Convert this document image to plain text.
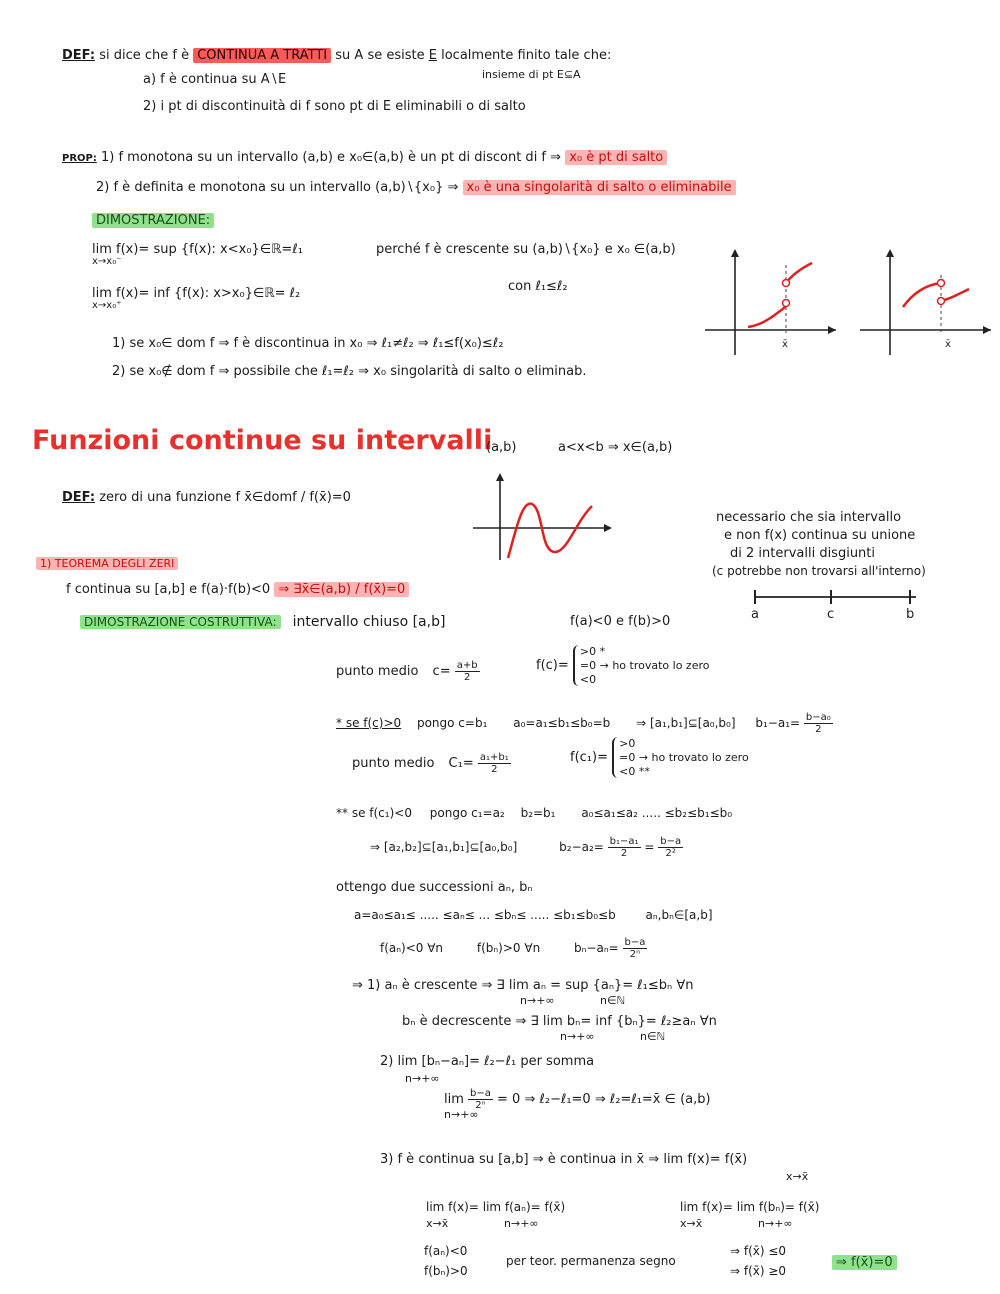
DEF: si dice che f è CONTINUA A TRATTI su A se esiste E localmente finito tale che:
insieme di pt E⊆A
a) f è continua su A∖E
2) i pt di discontinuità di f sono pt di E eliminabili o di salto
PROP: 1) f monotona su un intervallo (a,b) e x₀∈(a,b) è un pt di discont di f ⇒ x₀ è pt di salto
2) f è definita e monotona su un intervallo (a,b)∖{x₀} ⇒ x₀ è una singolarità di salto o eliminabile
DIMOSTRAZIONE:
lim f(x)= sup {f(x): x<x₀}∈ℝ=ℓ₁
x→x₀⁻
perché f è crescente su (a,b)∖{x₀} e x₀ ∈(a,b)
lim f(x)= inf {f(x): x>x₀}∈ℝ= ℓ₂
x→x₀⁺
con ℓ₁≤ℓ₂
1) se x₀∈ dom f ⇒ f è discontinua in x₀ ⇒ ℓ₁≠ℓ₂ ⇒ ℓ₁≤f(x₀)≤ℓ₂
2) se x₀∉ dom f ⇒ possibile che ℓ₁=ℓ₂ ⇒ x₀ singolarità di salto o eliminab.
x̄	x̄
Funzioni continue su intervalli
(a,b)	a<x<b ⇒ x∈(a,b)
DEF: zero di una funzione f x̄∈domf / f(x̄)=0
necessario che sia intervallo
e non f(x) continua su unione
di 2 intervalli disgiunti
(c potrebbe non trovarsi all'interno)
a	c	b
1) TEOREMA DEGLI ZERI
f continua su [a,b] e f(a)·f(b)<0 ⇒ ∃x̄∈(a,b) / f(x̄)=0
DIMOSTRAZIONE COSTRUTTIVA: intervallo chiuso [a,b]	f(a)<0 e f(b)>0
punto medio $c= \frac{a+b}{2}$	f(c)=
>0 *
=0 → ho trovato lo zero
<0
* se f(c)>0 pongo c=b₁ a₀=a₁≤b₁≤b₀=b ⇒ [a₁,b₁]⊆[a₀,b₀] $b_1-a_1= \frac{\text{b−a₀}}{2}$
punto medio $C_1= \frac{\text{a₁+b₁}}{2}$	f(c₁)=
>0
=0 → ho trovato lo zero
<0 **
** se f(c₁)<0 pongo c₁=a₂ b₂=b₁ a₀≤a₁≤a₂ ..... ≤b₂≤b₁≤b₀
⇒ [a₂,b₂]⊆[a₁,b₁]⊆[a₀,b₀]	$b_2-a_2= \frac{\text{b₁−a₁}}{2} = \frac{b-a}{\text{2²}}$
ottengo due successioni aₙ, bₙ
a=a₀≤a₁≤ ..... ≤aₙ≤ ... ≤bₙ≤ ..... ≤b₁≤b₀≤b aₙ,bₙ∈[a,b]
f(aₙ)<0 ∀n	f(bₙ)>0 ∀n	$b_n-a_n= \frac{b-a}{\text{2ⁿ}}$
⇒ 1) aₙ è crescente ⇒ ∃ lim aₙ = sup {aₙ}= ℓ₁≤bₙ ∀n
n→+∞	n∈ℕ
bₙ è decrescente ⇒ ∃ lim bₙ= inf {bₙ}= ℓ₂≥aₙ ∀n
n→+∞	n∈ℕ
2) lim [bₙ−aₙ]= ℓ₂−ℓ₁ per somma
n→+∞
$\lim \frac{b-a}{\text{2ⁿ}} = 0$ ⇒ ℓ₂−ℓ₁=0 ⇒ ℓ₂=ℓ₁=x̄ ∈ (a,b)
n→+∞
3) f è continua su [a,b] ⇒ è continua in x̄ ⇒ lim f(x)= f(x̄)
x→x̄
lim f(x)= lim f(aₙ)= f(x̄)
x→x̄	n→+∞
lim f(x)= lim f(bₙ)= f(x̄)
x→x̄	n→+∞
f(aₙ)<0
f(bₙ)>0
per teor. permanenza segno
⇒ f(x̄) ≤0
⇒ f(x̄) ≥0
⇒ f(x̄)=0
